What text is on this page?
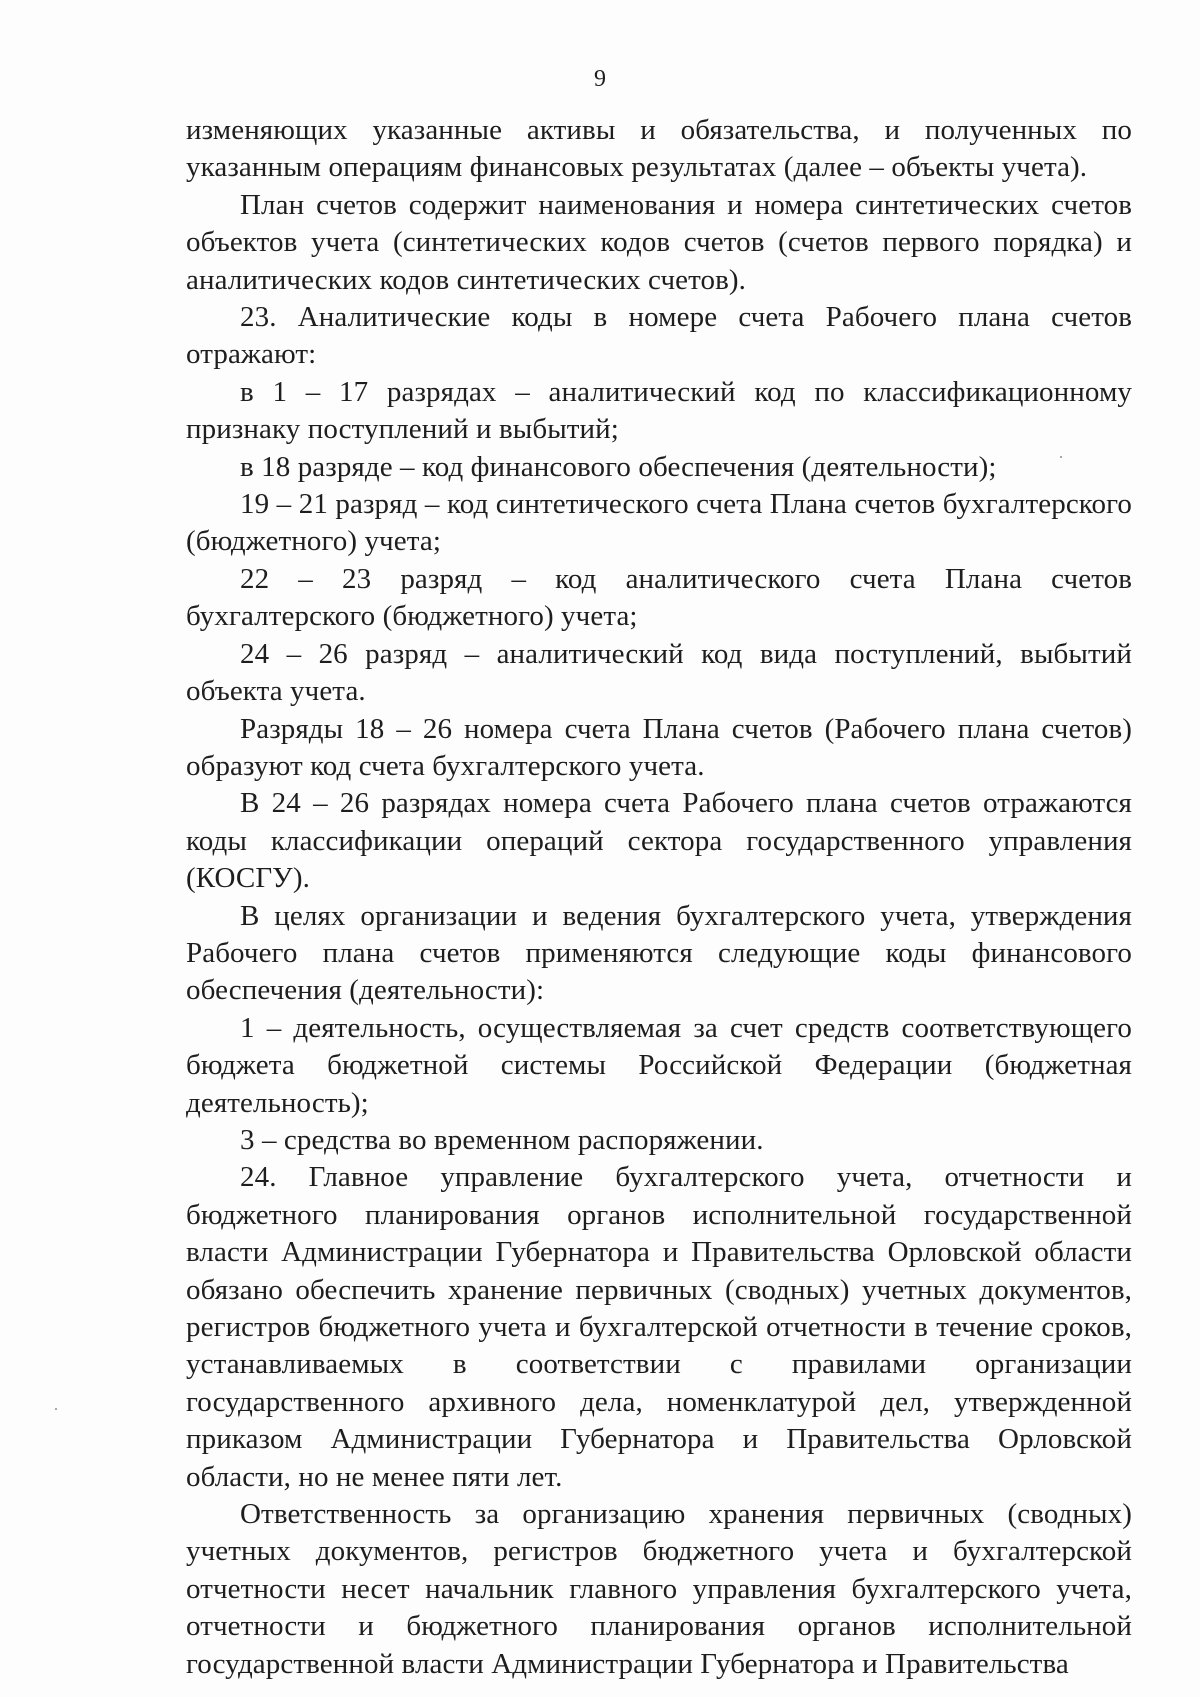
9

изменяющих указанные активы и обязательства, и полученных по указанным операциям финансовых результатах (далее – объекты учета).

План счетов содержит наименования и номера синтетических счетов объектов учета (синтетических кодов счетов (счетов первого порядка) и аналитических кодов синтетических счетов).

23. Аналитические коды в номере счета Рабочего плана счетов отражают:

в 1 – 17 разрядах – аналитический код по классификационному признаку поступлений и выбытий;

в 18 разряде – код финансового обеспечения (деятельности);

19 – 21 разряд – код синтетического счета Плана счетов бухгалтерского (бюджетного) учета;

22 – 23 разряд – код аналитического счета Плана счетов бухгалтерского (бюджетного) учета;

24 – 26 разряд – аналитический код вида поступлений, выбытий объекта учета.

Разряды 18 – 26 номера счета Плана счетов (Рабочего плана счетов) образуют код счета бухгалтерского учета.

В 24 – 26 разрядах номера счета Рабочего плана счетов отражаются коды классификации операций сектора государственного управления (КОСГУ).

В целях организации и ведения бухгалтерского учета, утверждения Рабочего плана счетов применяются следующие коды финансового обеспечения (деятельности):

1 – деятельность, осуществляемая за счет средств соответствующего бюджета бюджетной системы Российской Федерации (бюджетная деятельность);

3 – средства во временном распоряжении.

24. Главное управление бухгалтерского учета, отчетности и бюджетного планирования органов исполнительной государственной власти Администрации Губернатора и Правительства Орловской области обязано обеспечить хранение первичных (сводных) учетных документов, регистров бюджетного учета и бухгалтерской отчетности в течение сроков, устанавливаемых в соответствии с правилами организации государственного архивного дела, номенклатурой дел, утвержденной приказом Администрации Губернатора и Правительства Орловской области, но не менее пяти лет.

Ответственность за организацию хранения первичных (сводных) учетных документов, регистров бюджетного учета и бухгалтерской отчетности несет начальник главного управления бухгалтерского учета, отчетности и бюджетного планирования органов исполнительной государственной власти Администрации Губернатора и Правительства
